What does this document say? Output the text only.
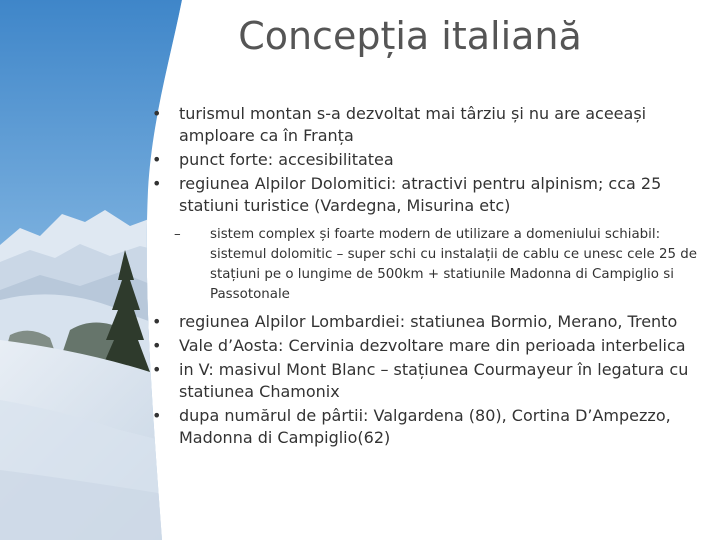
Concepția italiană
•	turismul montan s-a dezvoltat mai târziu și nu are aceeași amploare ca în Franța
•	punct forte: accesibilitatea
•	regiunea Alpilor Dolomitici: atractivi pentru alpinism; cca 25 statiuni turistice (Vardegna, Misurina etc)
–	sistem complex și foarte modern de utilizare a domeniului schiabil: sistemul dolomitic – super schi cu instalații de cablu ce unesc cele 25 de stațiuni pe o lungime de 500km + statiunile Madonna di Campiglio si Passotonale
•	regiunea Alpilor Lombardiei: statiunea Bormio, Merano, Trento
•	Vale d’Aosta: Cervinia dezvoltare mare din perioada interbelica
•	in V: masivul Mont Blanc – stațiunea Courmayeur în legatura cu statiunea Chamonix
•	dupa numărul de pârtii: Valgardena (80), Cortina D’Ampezzo, Madonna di Campiglio(62)
